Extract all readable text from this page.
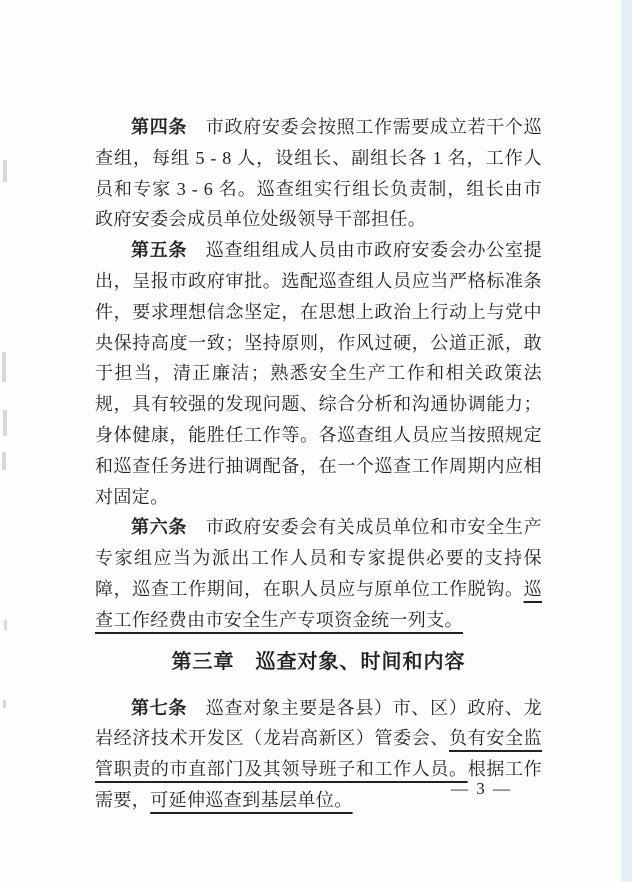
第四条　市政府安委会按照工作需要成立若干个巡查组，每组 5 - 8 人，设组长、副组长各 1 名，工作人员和专家 3 - 6 名。巡查组实行组长负责制，组长由市政府安委会成员单位处级领导干部担任。

第五条　巡查组组成人员由市政府安委会办公室提出，呈报市政府审批。选配巡查组人员应当严格标准条件，要求理想信念坚定，在思想上政治上行动上与党中央保持高度一致；坚持原则，作风过硬，公道正派，敢于担当，清正廉洁；熟悉安全生产工作和相关政策法规，具有较强的发现问题、综合分析和沟通协调能力；身体健康，能胜任工作等。各巡查组人员应当按照规定和巡查任务进行抽调配备，在一个巡查工作周期内应相对固定。

第六条　市政府安委会有关成员单位和市安全生产专家组应当为派出工作人员和专家提供必要的支持保障，巡查工作期间，在职人员应与原单位工作脱钩。巡查工作经费由市安全生产专项资金统一列支。

第三章　巡查对象、时间和内容

第七条　巡查对象主要是各县）市、区）政府、龙岩经济技术开发区（龙岩高新区）管委会、负有安全监管职责的市直部门及其领导班子和工作人员。根据工作需要，可延伸巡查到基层单位。

— 3 —
